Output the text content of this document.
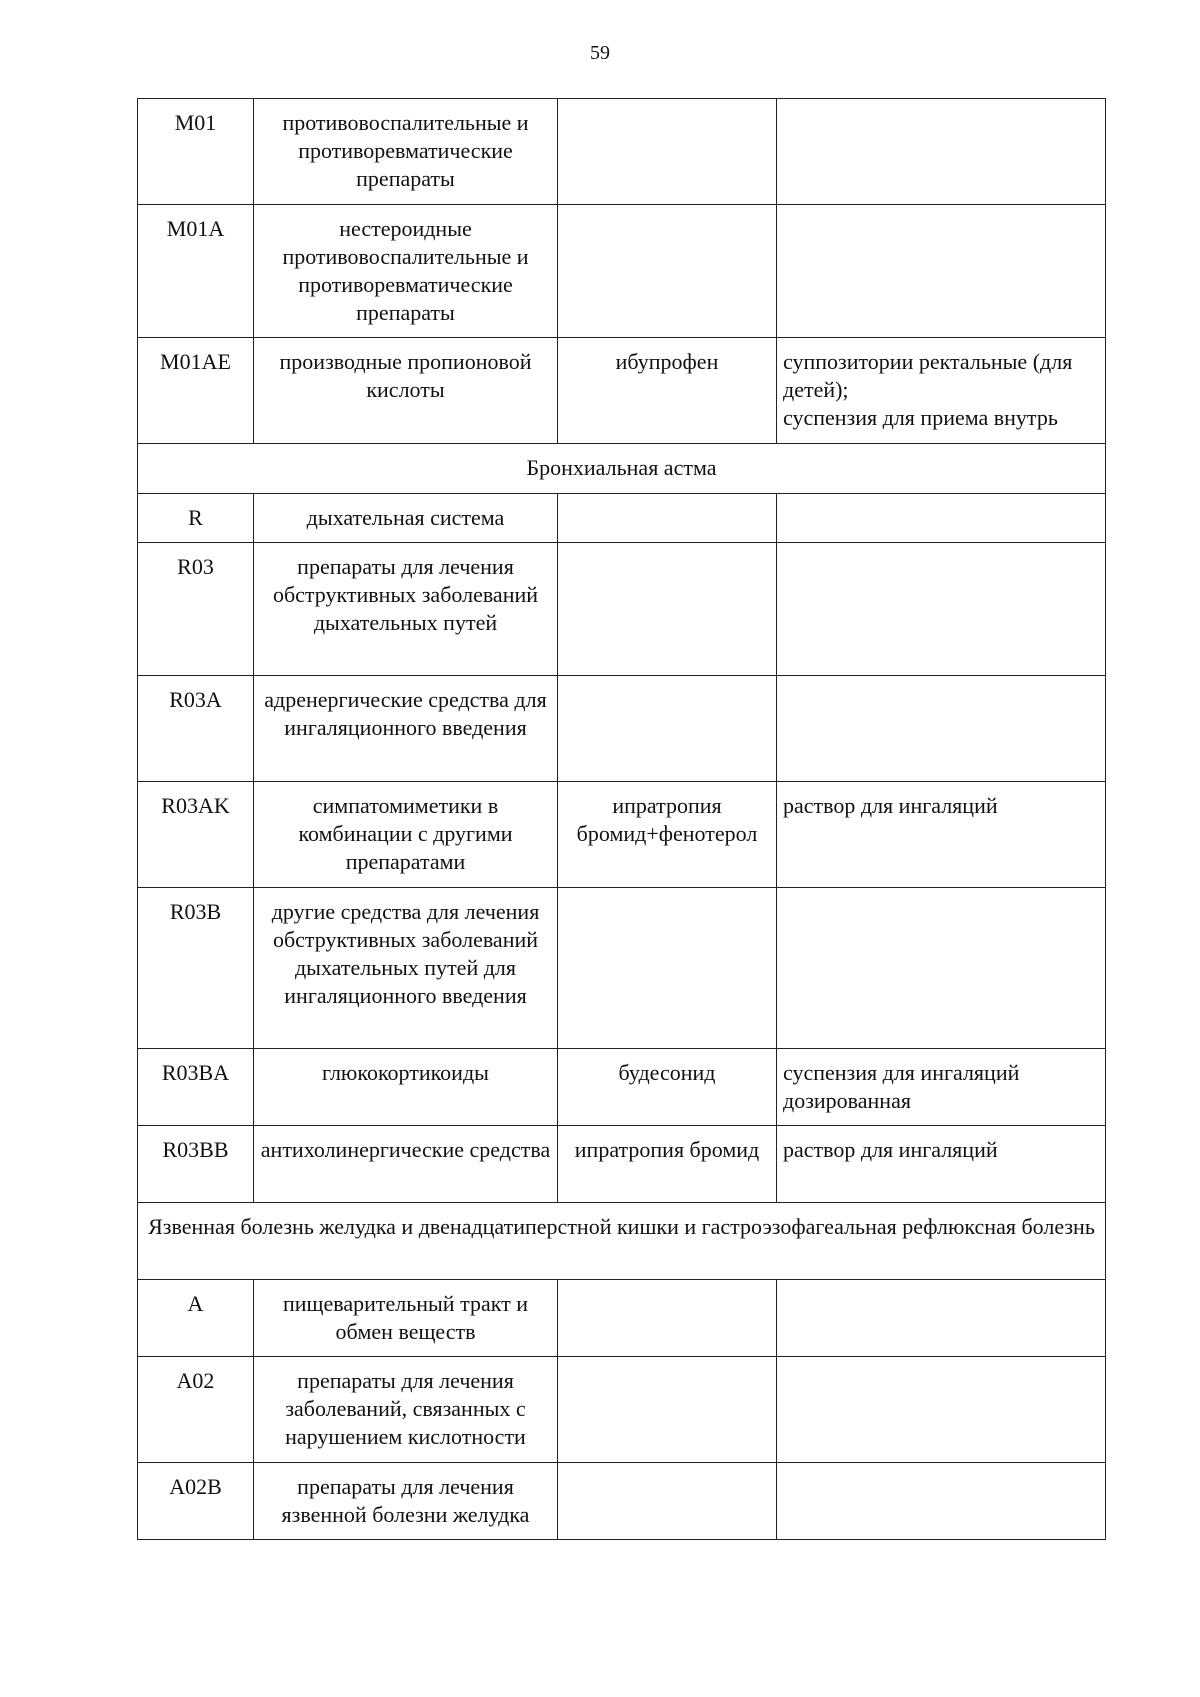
59
M01	противовоспалительные и противоревматические препараты		
M01A	нестероидные противовоспалительные и противоревматические препараты		
M01AE	производные пропионовой кислоты	ибупрофен	суппозитории ректальные (для детей);
суспензия для приема внутрь
Бронхиальная астма			
R	дыхательная система		
R03	препараты для лечения обструктивных заболеваний дыхательных путей		
R03A	адренергические средства для ингаляционного введения		
R03AK	симпатомиметики в комбинации с другими препаратами	ипратропия бромид+фенотерол	раствор для ингаляций
R03B	другие средства для лечения обструктивных заболеваний дыхательных путей для ингаляционного введения		
R03BA	глюкокортикоиды	будесонид	суспензия для ингаляций дозированная
R03BB	антихолинергические средства	ипратропия бромид	раствор для ингаляций
Язвенная болезнь желудка и двенадцатиперстной кишки и гастроэзофагеальная рефлюксная болезнь			
A	пищеварительный тракт и обмен веществ		
A02	препараты для лечения заболеваний, связанных с нарушением кислотности		
A02B	препараты для лечения язвенной болезни желудка		
